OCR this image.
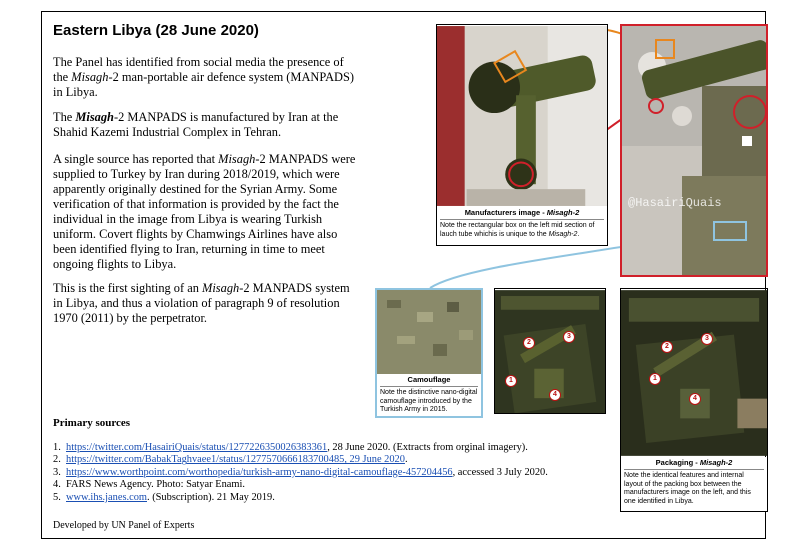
Eastern Libya (28 June 2020)
The Panel has identified from social media the presence of the Misagh-2 man-portable air defence system (MANPADS) in Libya.
The Misagh-2 MANPADS is manufactured by Iran at the Shahid Kazemi Industrial Complex in Tehran.
A single source has reported that Misagh-2 MANPADS were supplied to Turkey by Iran during 2018/2019, which were apparently originally destined for the Syrian Army. Some verification of that information is provided by the fact the individual in the image from Libya is wearing Turkish uniform. Covert flights by Chamwings Airlines have also been identified flying to Iran, returning in time to meet ongoing flights to Libya.
This is the first sighting of an Misagh-2 MANPADS system in Libya, and thus a violation of paragraph 9 of resolution 1970 (2011) by the perpetrator.
Primary sources
1. https://twitter.com/HasairiQuais/status/1277226350026383361, 28 June 2020. (Extracts from orginal imagery).
2. https://twitter.com/BabakTaghvaee1/status/1277570666183700485, 29 June 2020.
3. https://www.worthpoint.com/worthopedia/turkish-army-nano-digital-camouflage-457204456, accessed 3 July 2020.
4. FARS News Agency. Photo: Satyar Enami.
5. www.ihs.janes.com. (Subscription). 21 May 2019.
Developed by UN Panel of Experts
Manufacturers image - Misagh-2
Note the rectangular box on the left mid section of lauch tube whichis is unique to the Misagh-2.
@HasairiQuais
Camouflage
Note the distinctive nano-digital camouflage introduced by the Turkish Army in 2015.
1
2
3
4
1
2
3
4
Packaging - Misagh-2
Note the identical features and internal layout of the packing box between the manufacturers image on the left, and this one identified in Libya.
